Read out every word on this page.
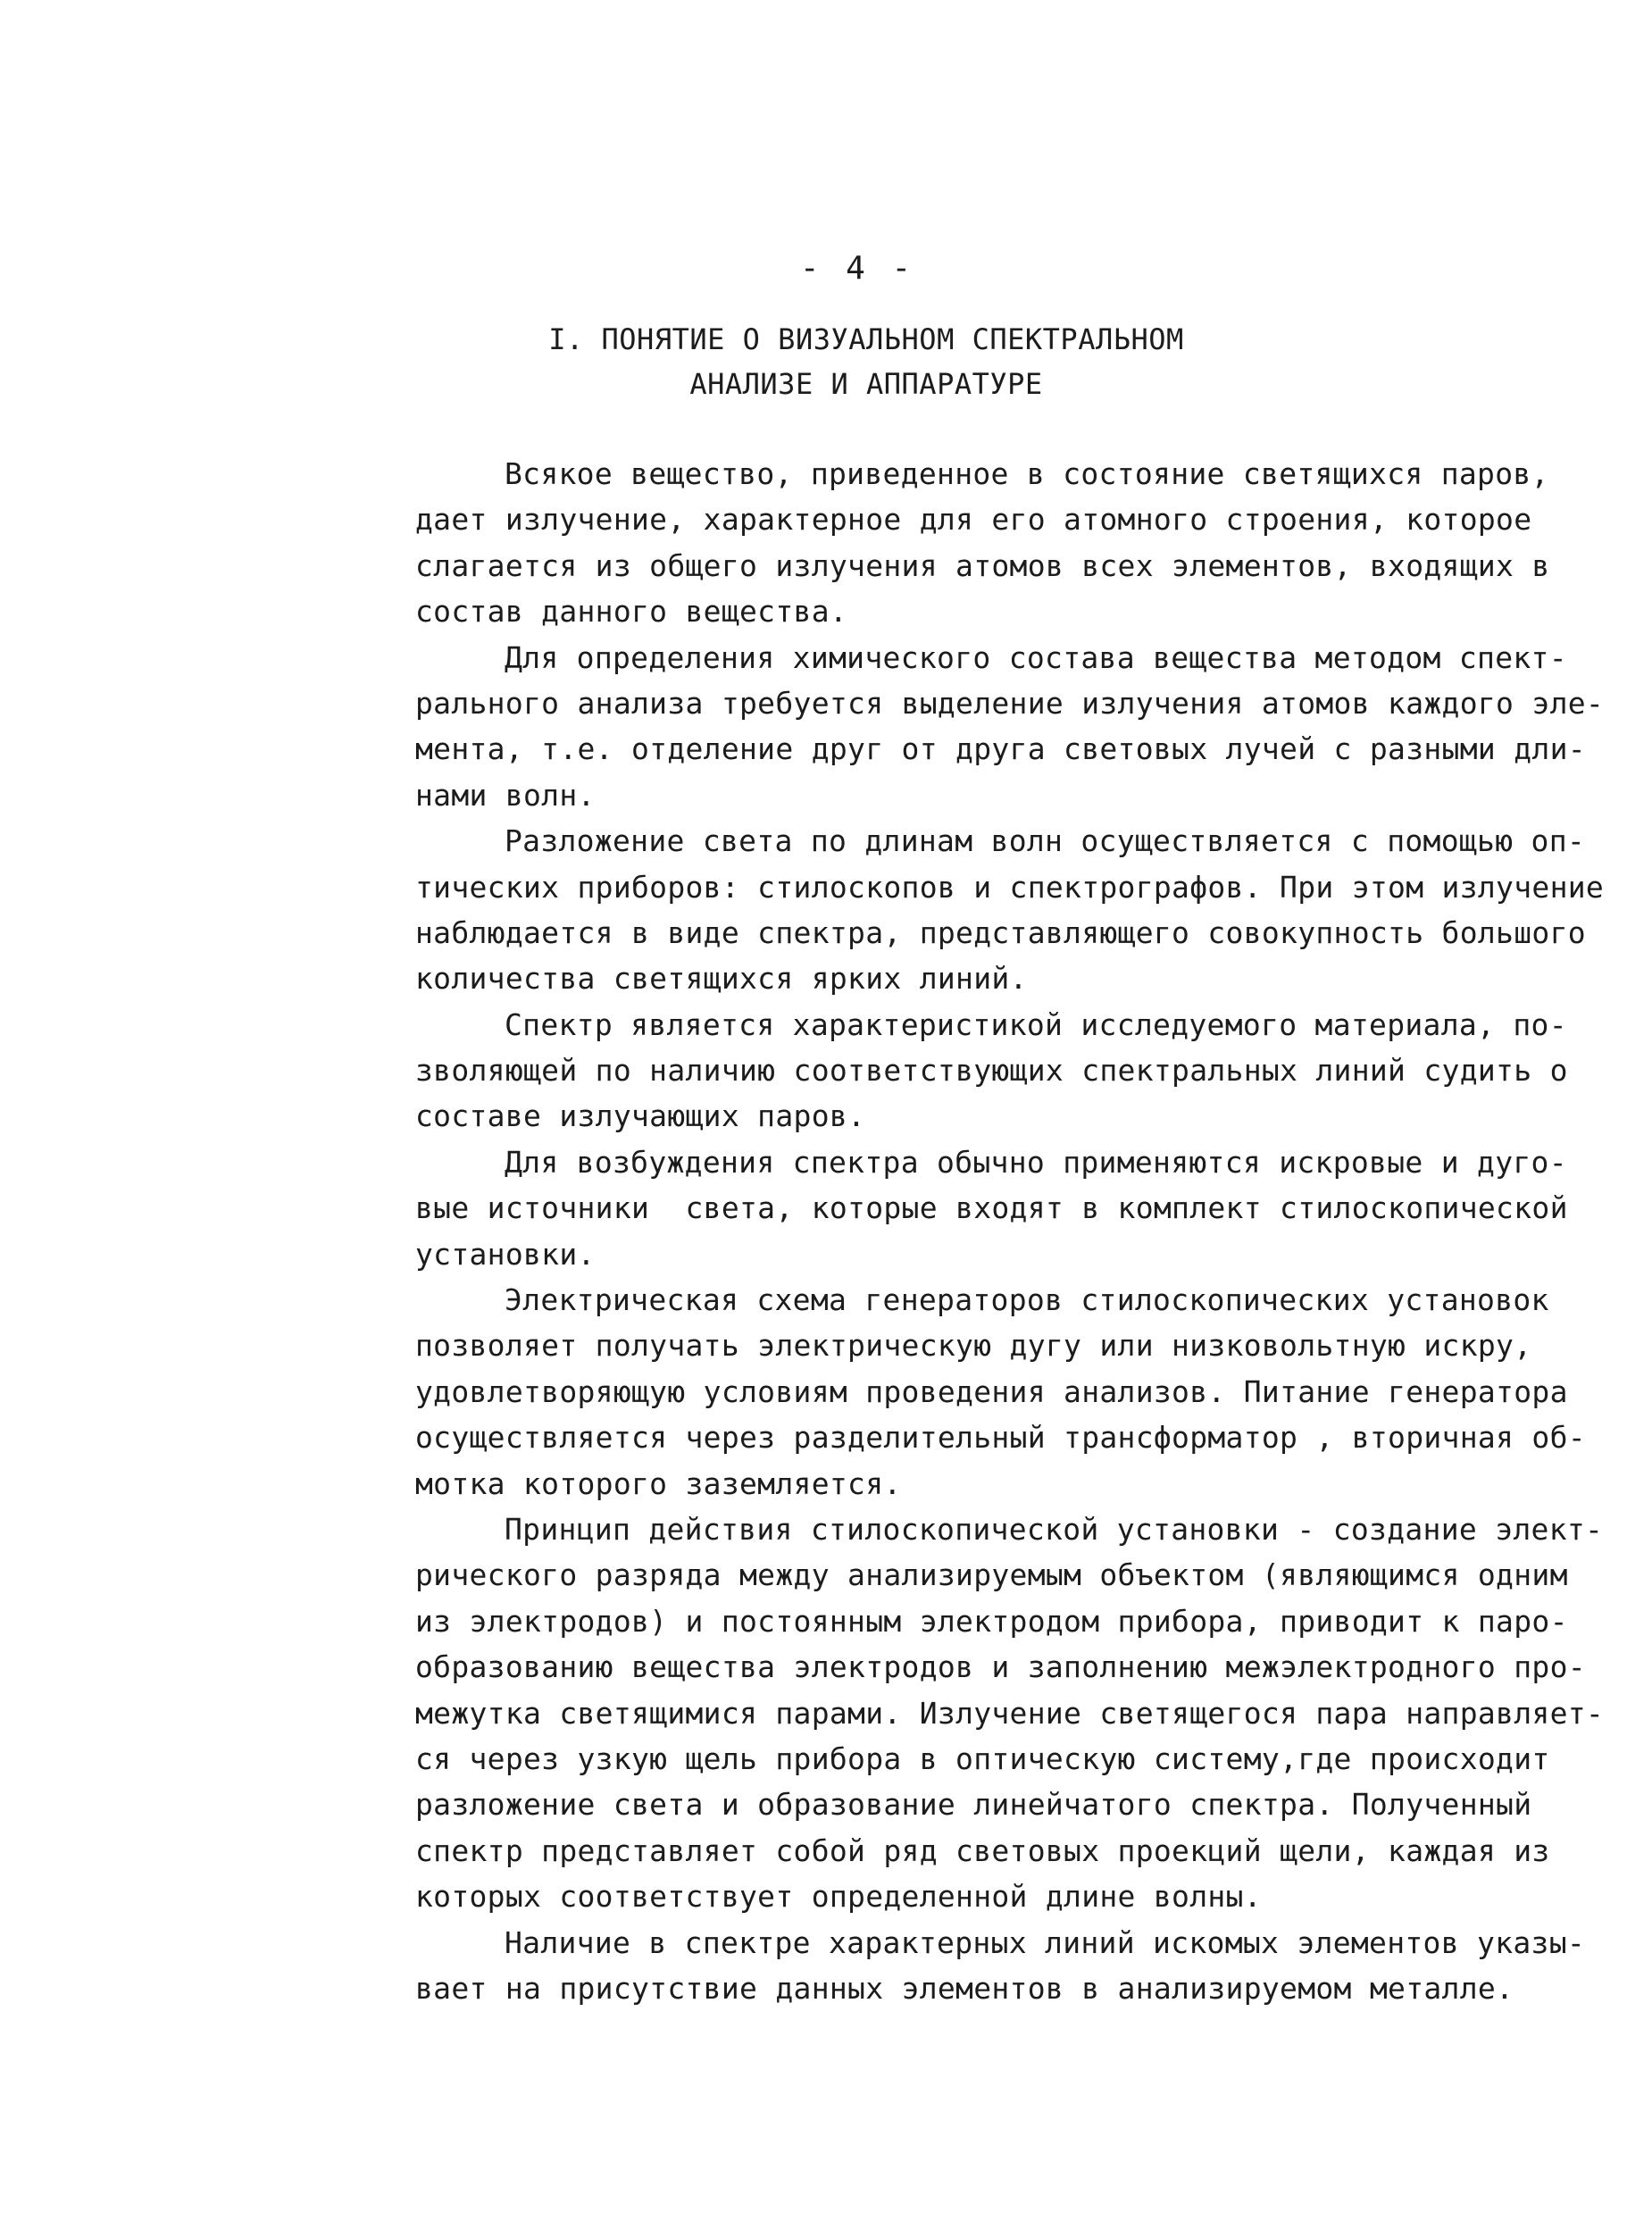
- 4 -
I. ПОНЯТИЕ О ВИЗУАЛЬНОМ СПЕКТРАЛЬНОМ
АНАЛИЗЕ И АППАРАТУРЕ
Всякое вещество, приведенное в состояние светящихся паров,
дает излучение, характерное для его атомного строения, которое
слагается из общего излучения атомов всех элементов, входящих в
состав данного вещества.
Для определения химического состава вещества методом спект-
рального анализа требуется выделение излучения атомов каждого эле-
мента, т.е. отделение друг от друга световых лучей с разными дли-
нами волн.
Разложение света по длинам волн осуществляется с помощью оп-
тических приборов: стилоскопов и спектрографов. При этом излучение
наблюдается в виде спектра, представляющего совокупность большого
количества светящихся ярких линий.
Спектр является характеристикой исследуемого материала, по-
зволяющей по наличию соответствующих спектральных линий судить о
составе излучающих паров.
Для возбуждения спектра обычно применяются искровые и дуго-
вые источники  света, которые входят в комплект стилоскопической
установки.
Электрическая схема генераторов стилоскопических установок
позволяет получать электрическую дугу или низковольтную искру,
удовлетворяющую условиям проведения анализов. Питание генератора
осуществляется через разделительный трансформатор , вторичная об-
мотка которого заземляется.
Принцип действия стилоскопической установки - создание элект-
рического разряда между анализируемым объектом (являющимся одним
из электродов) и постоянным электродом прибора, приводит к паро-
образованию вещества электродов и заполнению межэлектродного про-
межутка светящимися парами. Излучение светящегося пара направляет-
ся через узкую щель прибора в оптическую систему,где происходит
разложение света и образование линейчатого спектра. Полученный
спектр представляет собой ряд световых проекций щели, каждая из
которых соответствует определенной длине волны.
Наличие в спектре характерных линий искомых элементов указы-
вает на присутствие данных элементов в анализируемом металле.
